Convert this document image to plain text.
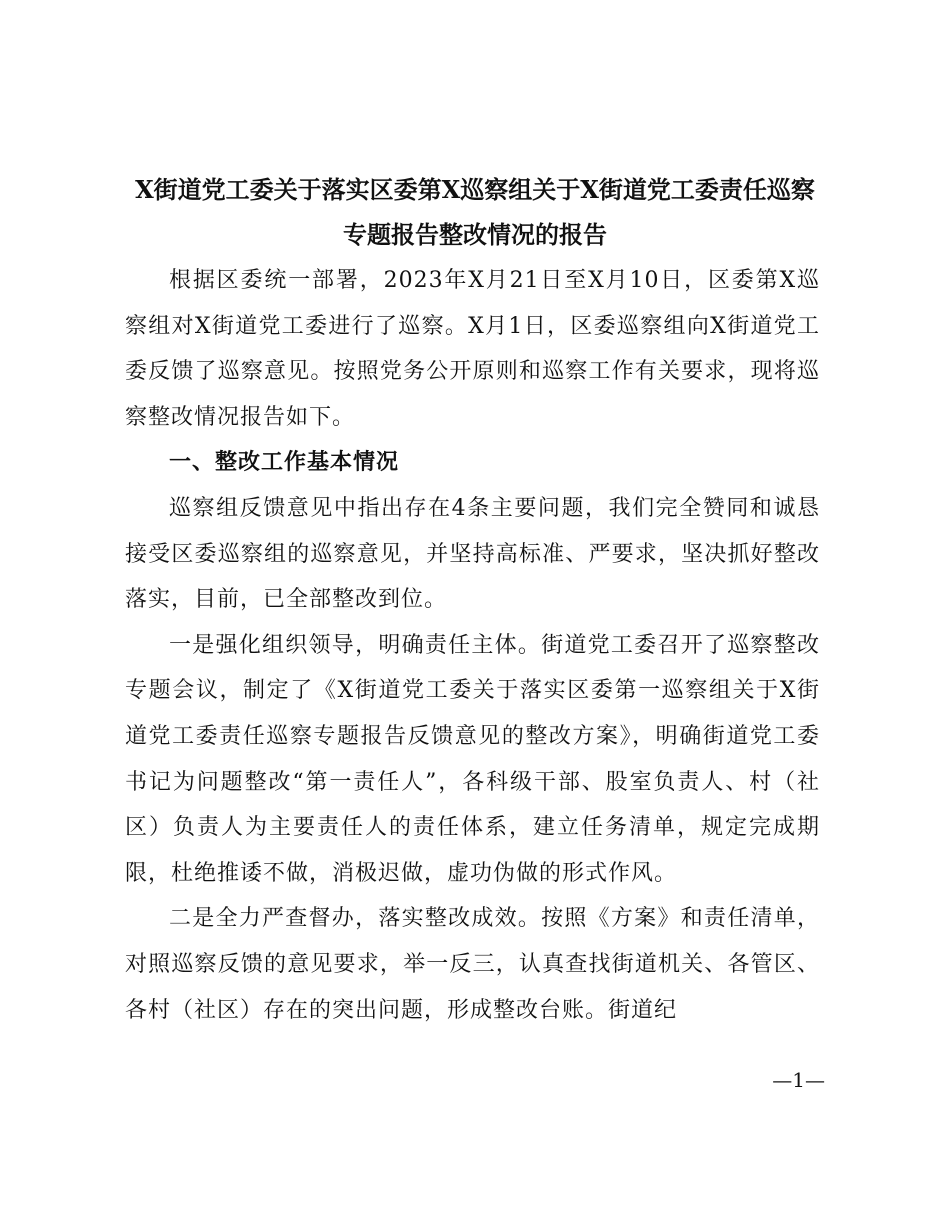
X街道党工委关于落实区委第X巡察组关于X街道党工委责任巡察
专题报告整改情况的报告

根据区委统一部署，2023年X月21日至X月10日，区委第X巡察组对X街道党工委进行了巡察。X月1日，区委巡察组向X街道党工委反馈了巡察意见。按照党务公开原则和巡察工作有关要求，现将巡察整改情况报告如下。

一、整改工作基本情况

巡察组反馈意见中指出存在4条主要问题，我们完全赞同和诚恳接受区委巡察组的巡察意见，并坚持高标准、严要求，坚决抓好整改落实，目前，已全部整改到位。

一是强化组织领导，明确责任主体。街道党工委召开了巡察整改专题会议，制定了《X街道党工委关于落实区委第一巡察组关于X街道党工委责任巡察专题报告反馈意见的整改方案》，明确街道党工委书记为问题整改“第一责任人”，各科级干部、股室负责人、村（社区）负责人为主要责任人的责任体系，建立任务清单，规定完成期限，杜绝推诿不做，消极迟做，虚功伪做的形式作风。

二是全力严查督办，落实整改成效。按照《方案》和责任清单，对照巡察反馈的意见要求，举一反三，认真查找街道机关、各管区、各村（社区）存在的突出问题，形成整改台账。街道纪

—1—
